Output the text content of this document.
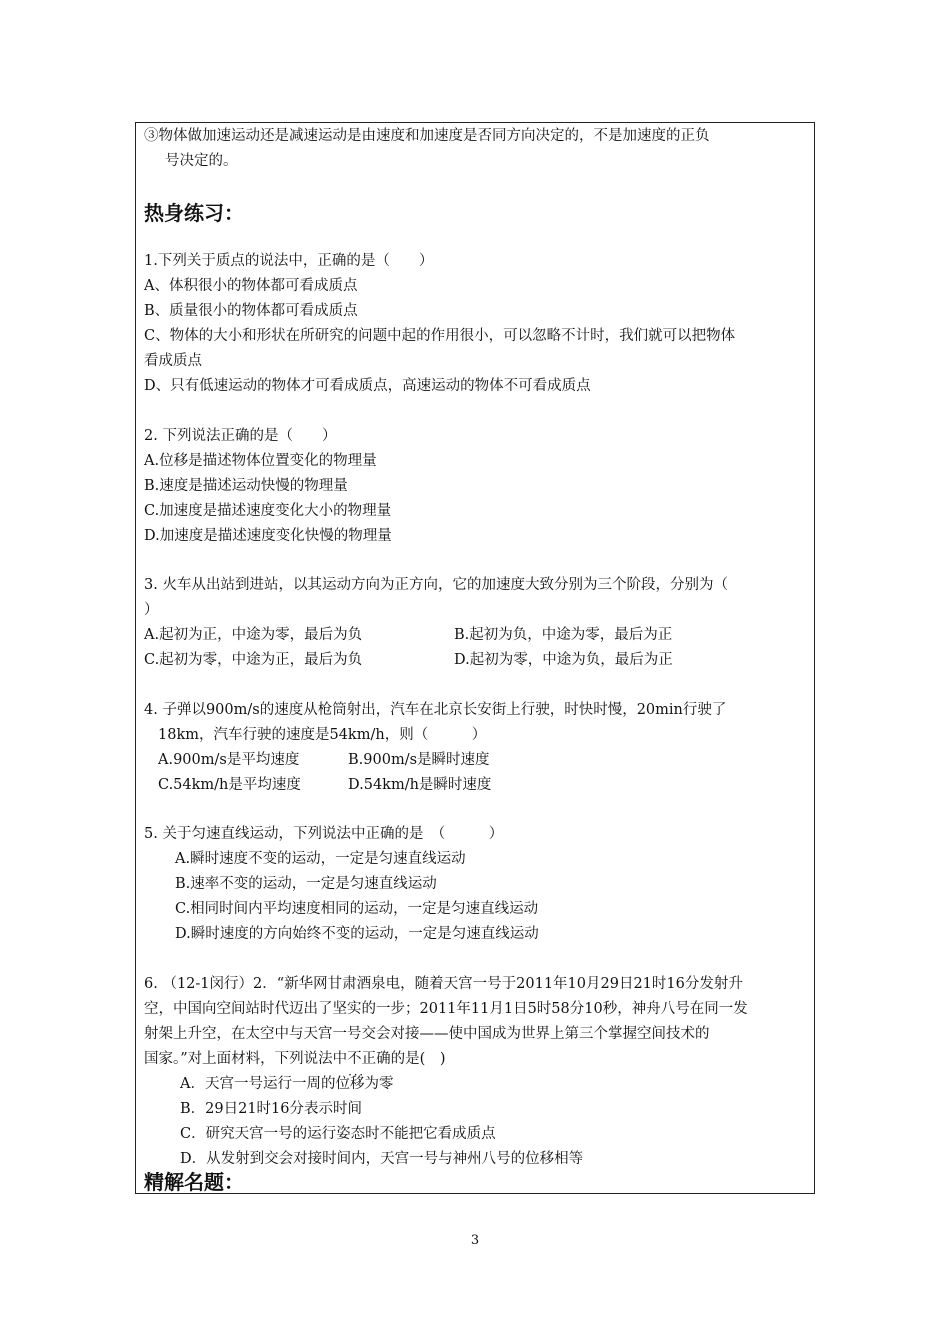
③物体做加速运动还是减速运动是由速度和加速度是否同方向决定的，不是加速度的正负
号决定的。
热身练习：
1.下列关于质点的说法中，正确的是（　　）
A、体积很小的物体都可看成质点
B、质量很小的物体都可看成质点
C、物体的大小和形状在所研究的问题中起的作用很小，可以忽略不计时，我们就可以把物体
看成质点
D、只有低速运动的物体才可看成质点，高速运动的物体不可看成质点
2. 下列说法正确的是（　　）
A.位移是描述物体位置变化的物理量
B.速度是描述运动快慢的物理量
C.加速度是描述速度变化大小的物理量
D.加速度是描述速度变化快慢的物理量
3. 火车从出站到进站，以其运动方向为正方向，它的加速度大致分别为三个阶段，分别为（
）
A.起初为正，中途为零，最后为负	B.起初为负，中途为零，最后为正
C.起初为零，中途为正，最后为负	D.起初为零，中途为负，最后为正
4. 子弹以900m/s的速度从枪筒射出，汽车在北京长安街上行驶，时快时慢，20min行驶了
18km，汽车行驶的速度是54km/h，则（　　　）
A.900m/s是平均速度	B.900m/s是瞬时速度
C.54km/h是平均速度	D.54km/h是瞬时速度
5. 关于匀速直线运动，下列说法中正确的是　（　　　）
A.瞬时速度不变的运动，一定是匀速直线运动
B.速率不变的运动，一定是匀速直线运动
C.相同时间内平均速度相同的运动，一定是匀速直线运动
D.瞬时速度的方向始终不变的运动，一定是匀速直线运动
6. （12-1闵行）2．“新华网甘肃酒泉电，随着天宫一号于2011年10月29日21时16分发射升
空，中国向空间站时代迈出了坚实的一步；2011年11月1日5时58分10秒，神舟八号在同一发
射架上升空，在太空中与天宫一号交会对接——使中国成为世界上第三个掌握空间技术的
国家。”对上面材料，下列说法中不正确 · · ·的是(　)
A．天宫一号运行一周的位移为零
B．29日21时16分表示时间
C．研究天宫一号的运行姿态时不能把它看成质点
D．从发射到交会对接时间内，天宫一号与神州八号的位移相等
精解名题：
3
